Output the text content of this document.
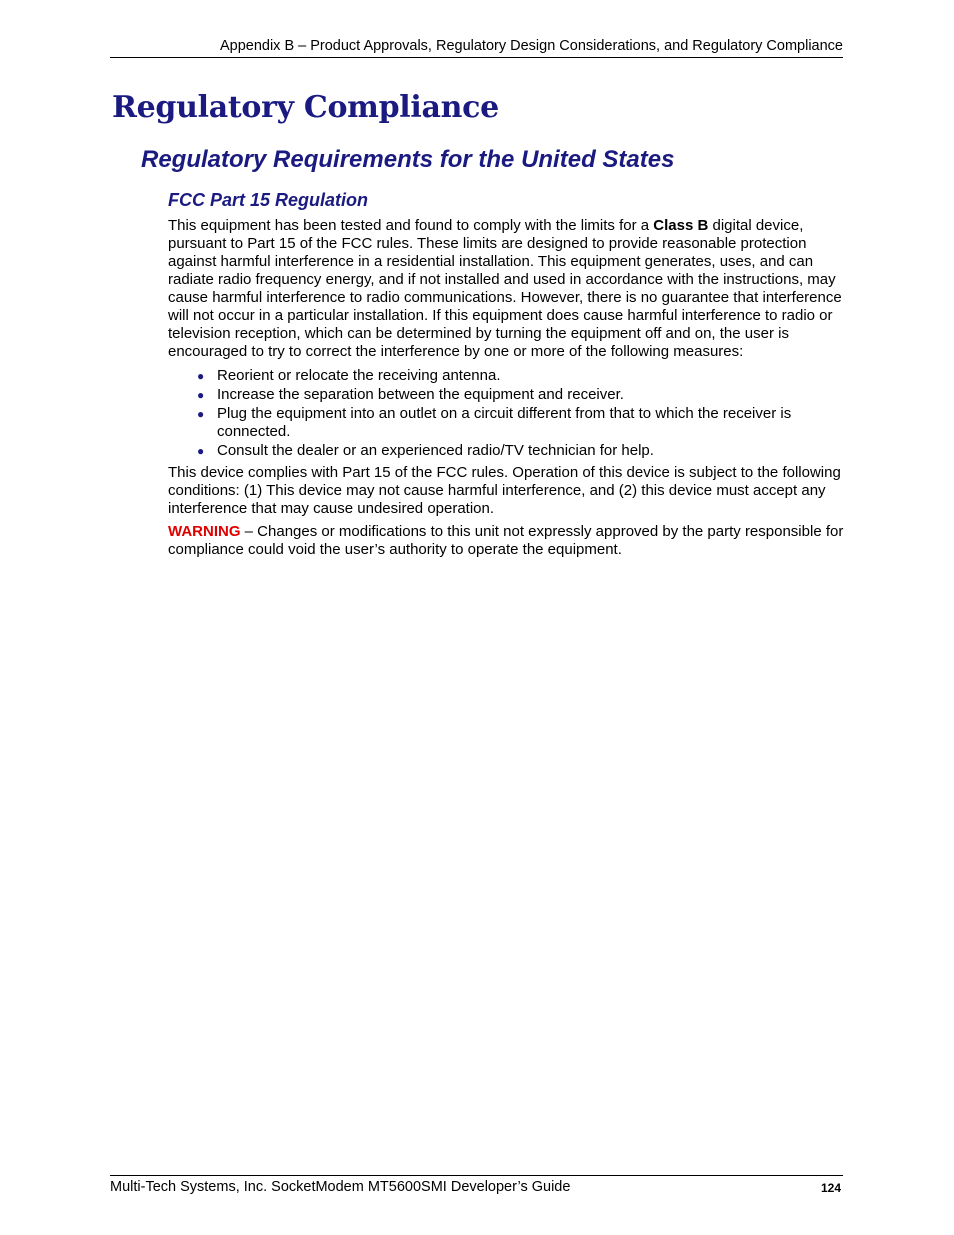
Appendix B – Product Approvals, Regulatory Design Considerations, and Regulatory Compliance
Regulatory Compliance
Regulatory Requirements for the United States
FCC Part 15 Regulation

This equipment has been tested and found to comply with the limits for a Class B digital device, pursuant to Part 15 of the FCC rules. These limits are designed to provide reasonable protection against harmful interference in a residential installation. This equipment generates, uses, and can radiate radio frequency energy, and if not installed and used in accordance with the instructions, may cause harmful interference to radio communications. However, there is no guarantee that interference will not occur in a particular installation. If this equipment does cause harmful interference to radio or television reception, which can be determined by turning the equipment off and on, the user is encouraged to try to correct the interference by one or more of the following measures:

● Reorient or relocate the receiving antenna.
● Increase the separation between the equipment and receiver.
● Plug the equipment into an outlet on a circuit different from that to which the receiver is connected.
● Consult the dealer or an experienced radio/TV technician for help.

This device complies with Part 15 of the FCC rules. Operation of this device is subject to the following conditions: (1) This device may not cause harmful interference, and (2) this device must accept any interference that may cause undesired operation.

WARNING – Changes or modifications to this unit not expressly approved by the party responsible for compliance could void the user’s authority to operate the equipment.

Multi-Tech Systems, Inc. SocketModem MT5600SMI Developer’s Guide	124
